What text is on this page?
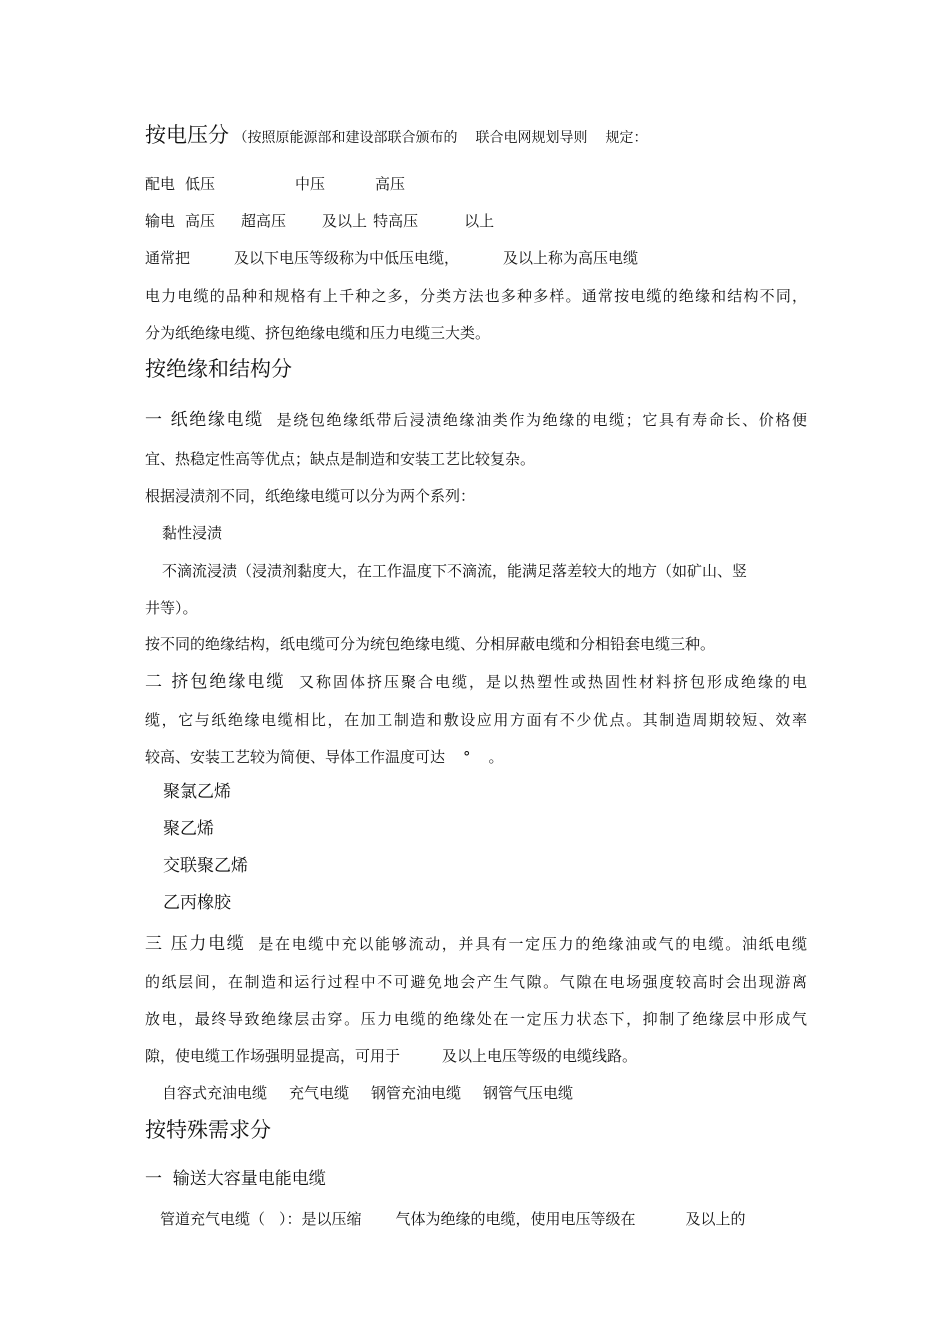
按电压分 （按照原能源部和建设部联合颁布的 联合电网规划导则 规定：
配电 低压	中压	高压
输电 高压 超高压 及以上 特高压	以上
通常把	及以下电压等级称为中低压电缆，	及以上称为高压电缆
电力电缆的品种和规格有上千种之多，分类方法也多种多样。通常按电缆的绝缘和结构不同，
分为纸绝缘电缆、挤包绝缘电缆和压力电缆三大类。
按绝缘和结构分
一 纸绝缘电缆 是绕包绝缘纸带后浸渍绝缘油类作为绝缘的电缆；它具有寿命长、价格便
宜、热稳定性高等优点；缺点是制造和安装工艺比较复杂。
根据浸渍剂不同，纸绝缘电缆可以分为两个系列：
黏性浸渍
不滴流浸渍（浸渍剂黏度大，在工作温度下不滴流，能满足落差较大的地方（如矿山、竖
井等）。
按不同的绝缘结构，纸电缆可分为统包绝缘电缆、分相屏蔽电缆和分相铅套电缆三种。
二 挤包绝缘电缆 又称固体挤压聚合电缆，是以热塑性或热固性材料挤包形成绝缘的电
缆，它与纸绝缘电缆相比，在加工制造和敷设应用方面有不少优点。其制造周期较短、效率
较高、安装工艺较为简便、导体工作温度可达 ° 。
聚氯乙烯
聚乙烯
交联聚乙烯
乙丙橡胶
三 压力电缆 是在电缆中充以能够流动，并具有一定压力的绝缘油或气的电缆。油纸电缆
的纸层间，在制造和运行过程中不可避免地会产生气隙。气隙在电场强度较高时会出现游离
放电，最终导致绝缘层击穿。压力电缆的绝缘处在一定压力状态下，抑制了绝缘层中形成气
隙，使电缆工作场强明显提高，可用于	及以上电压等级的电缆线路。
自容式充油电缆 充气电缆 钢管充油电缆 钢管气压电缆
按特殊需求分
一  输送大容量电能电缆
管道充气电缆（ ）：是以压缩 气体为绝缘的电缆，使用电压等级在	及以上的
